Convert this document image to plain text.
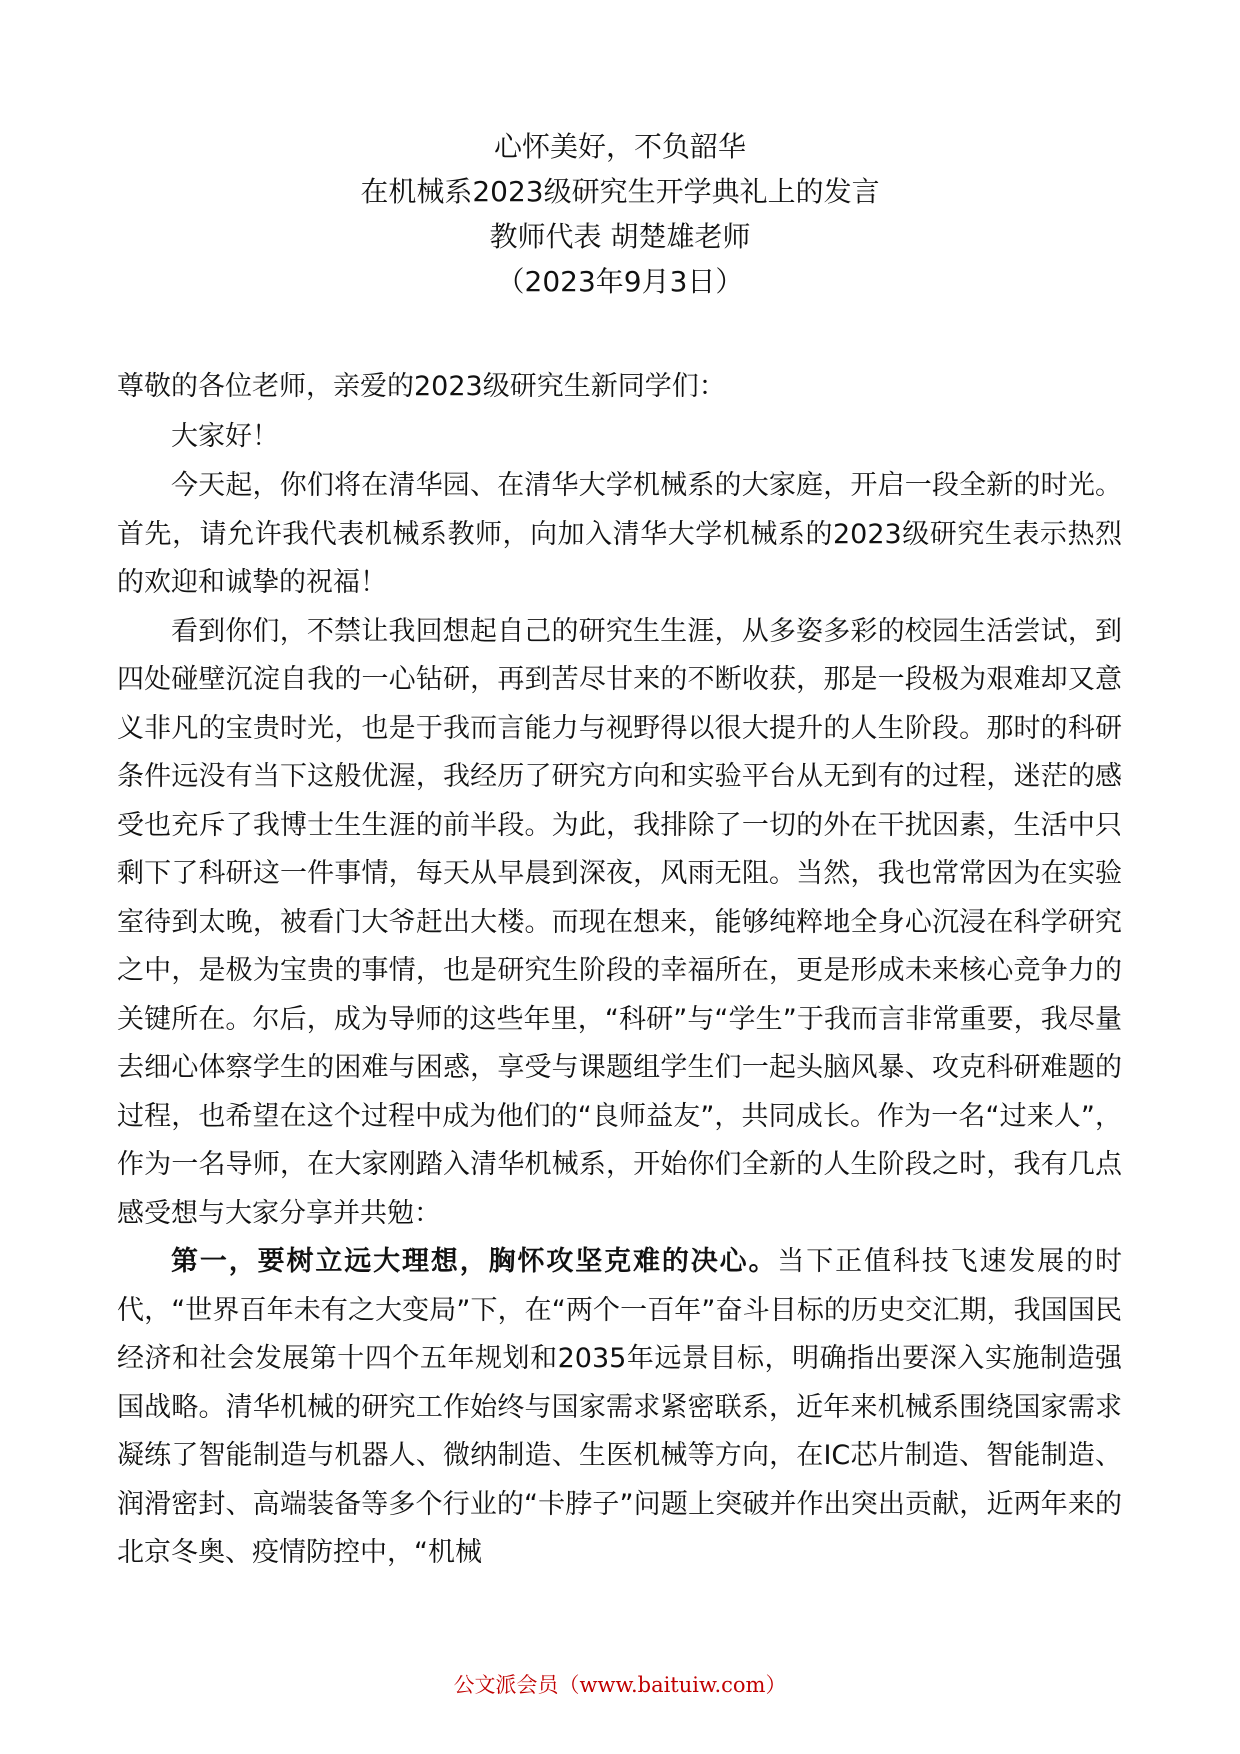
心怀美好，不负韶华
在机械系2023级研究生开学典礼上的发言
教师代表 胡楚雄老师
（2023年9月3日）

尊敬的各位老师，亲爱的2023级研究生新同学们：

大家好！

今天起，你们将在清华园、在清华大学机械系的大家庭，开启一段全新的时光。首先，请允许我代表机械系教师，向加入清华大学机械系的2023级研究生表示热烈的欢迎和诚挚的祝福！

看到你们，不禁让我回想起自己的研究生生涯，从多姿多彩的校园生活尝试，到四处碰壁沉淀自我的一心钻研，再到苦尽甘来的不断收获，那是一段极为艰难却又意义非凡的宝贵时光，也是于我而言能力与视野得以很大提升的人生阶段。那时的科研条件远没有当下这般优渥，我经历了研究方向和实验平台从无到有的过程，迷茫的感受也充斥了我博士生生涯的前半段。为此，我排除了一切的外在干扰因素，生活中只剩下了科研这一件事情，每天从早晨到深夜，风雨无阻。当然，我也常常因为在实验室待到太晚，被看门大爷赶出大楼。而现在想来，能够纯粹地全身心沉浸在科学研究之中，是极为宝贵的事情，也是研究生阶段的幸福所在，更是形成未来核心竞争力的关键所在。尔后，成为导师的这些年里，“科研”与“学生”于我而言非常重要，我尽量去细心体察学生的困难与困惑，享受与课题组学生们一起头脑风暴、攻克科研难题的过程，也希望在这个过程中成为他们的“良师益友”，共同成长。作为一名“过来人”，作为一名导师，在大家刚踏入清华机械系，开始你们全新的人生阶段之时，我有几点感受想与大家分享并共勉：

第一，要树立远大理想，胸怀攻坚克难的决心。当下正值科技飞速发展的时代，“世界百年未有之大变局”下，在“两个一百年”奋斗目标的历史交汇期，我国国民经济和社会发展第十四个五年规划和2035年远景目标，明确指出要深入实施制造强国战略。清华机械的研究工作始终与国家需求紧密联系，近年来机械系围绕国家需求凝练了智能制造与机器人、微纳制造、生医机械等方向，在IC芯片制造、智能制造、润滑密封、高端装备等多个行业的“卡脖子”问题上突破并作出突出贡献，近两年来的北京冬奥、疫情防控中，“机械

公文派会员（www.baituiw.com）
